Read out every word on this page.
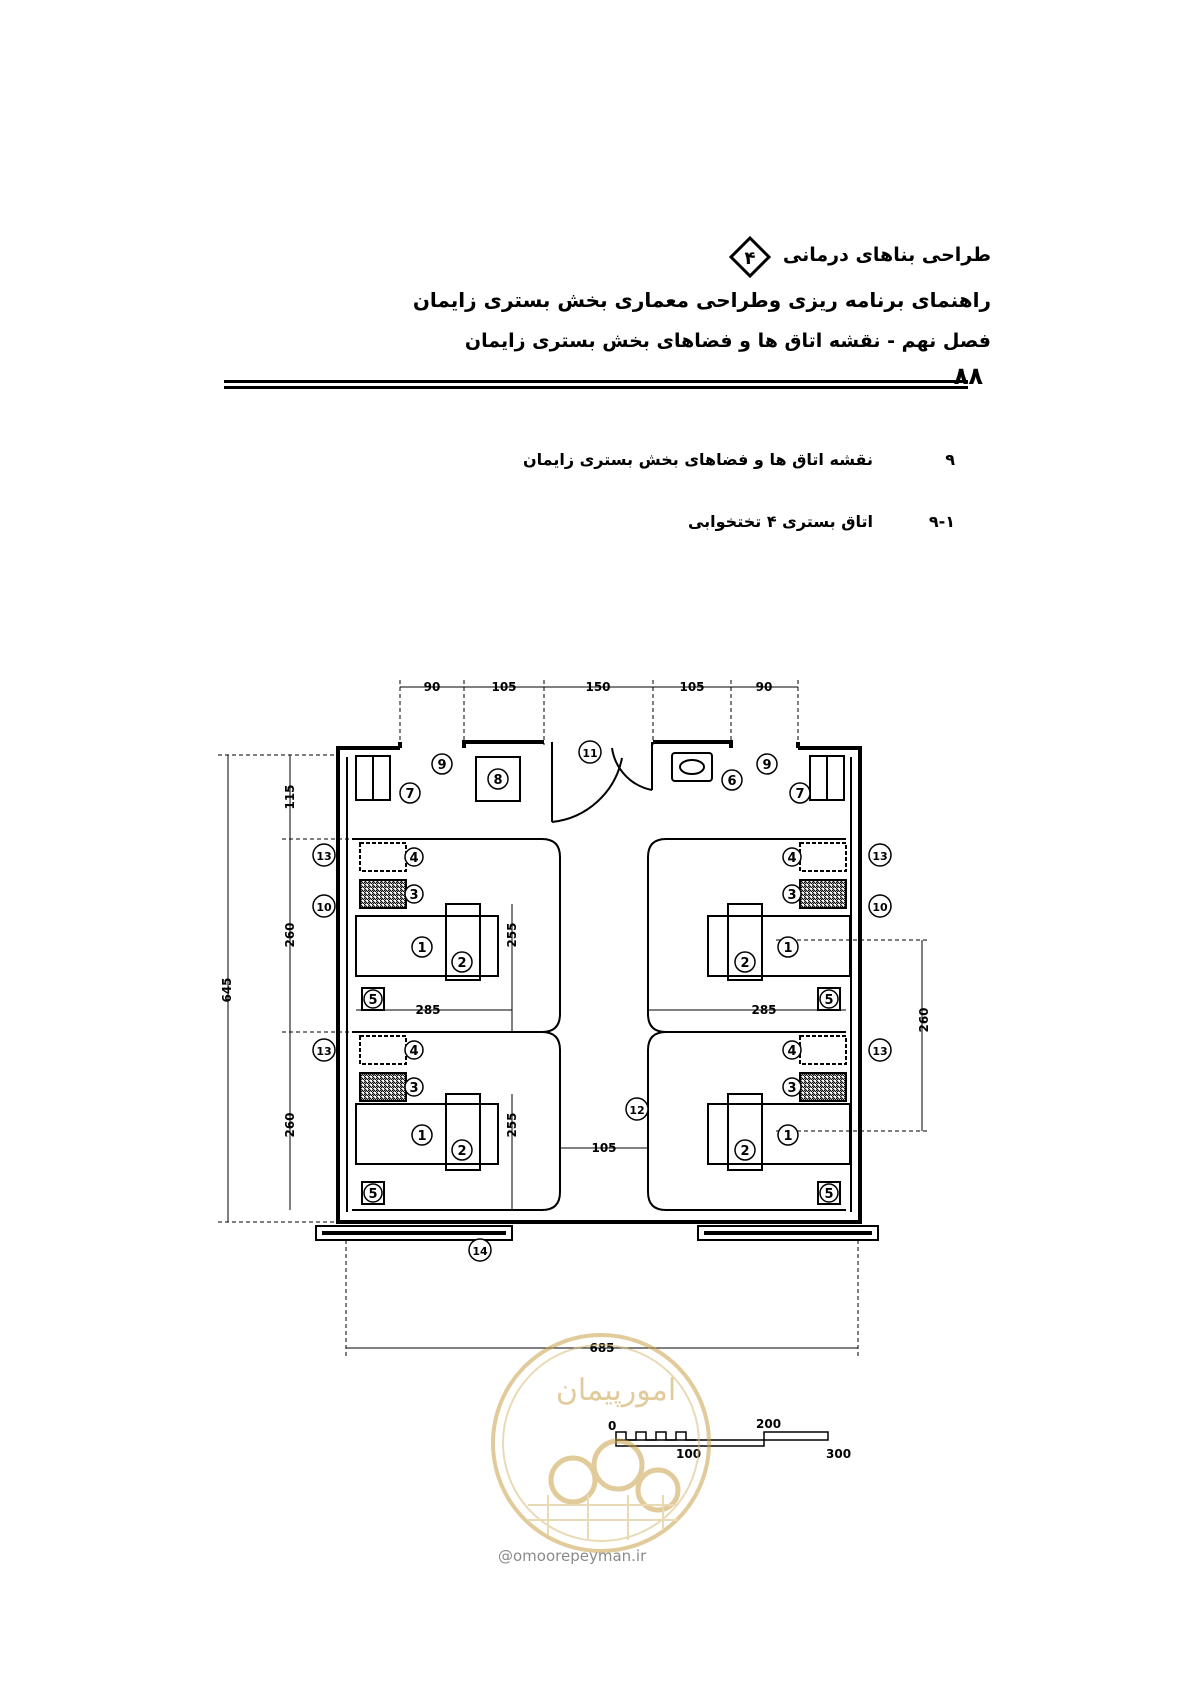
طراحی بناهای درمانی
۴
راهنمای برنامه ریزی وطراحی معماری بخش بستری زایمان
فصل نهم - نقشه اتاق ها و فضاهای بخش بستری زایمان
۸۸
۹
نقشه اتاق ها و فضاهای بخش بستری زایمان
۹-۱
اتاق بستری ۴ تختخوابی
90	105	150	105	90
645
115
260
260
255
255
285	285
105
260
685
1
1
1
1
2
2
2
2
3
3
3
3
4
4
4
4
5
5
5
5
6
7	7
8
9	9
10	10
11
12
13
13
13
13
14
0
100
200
300
امورپیمان
@omoorepeyman.ir
